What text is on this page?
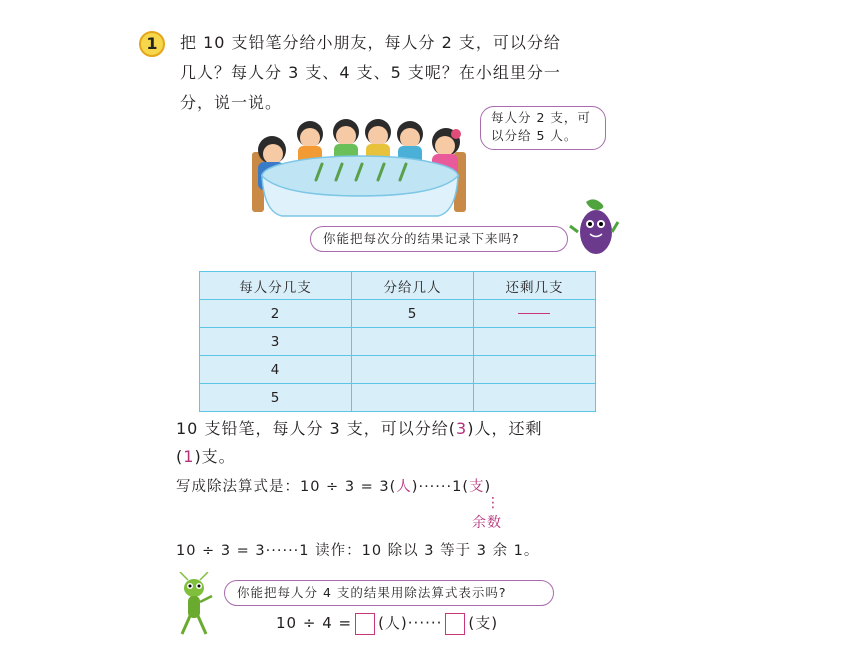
1	把 10 支铅笔分给小朋友，每人分 2 支，可以分给
几人？每人分 3 支、4 支、5 支呢？在小组里分一
分，说一说。
每人分 2 支，可
以分给 5 人。
你能把每次分的结果记录下来吗?
每人分几支	分给几人	还剩几支
2	5	
3		
4		
5		
10 支铅笔，每人分 3 支，可以分给(3)人，还剩
(1)支。
写成除法算式是：10 ÷ 3 = 3(人)······1(支)
⋮
余数
10 ÷ 3 = 3······1 读作：10 除以 3 等于 3 余 1。
你能把每人分 4 支的结果用除法算式表示吗?
10 ÷ 4 = (人)······ (支)
